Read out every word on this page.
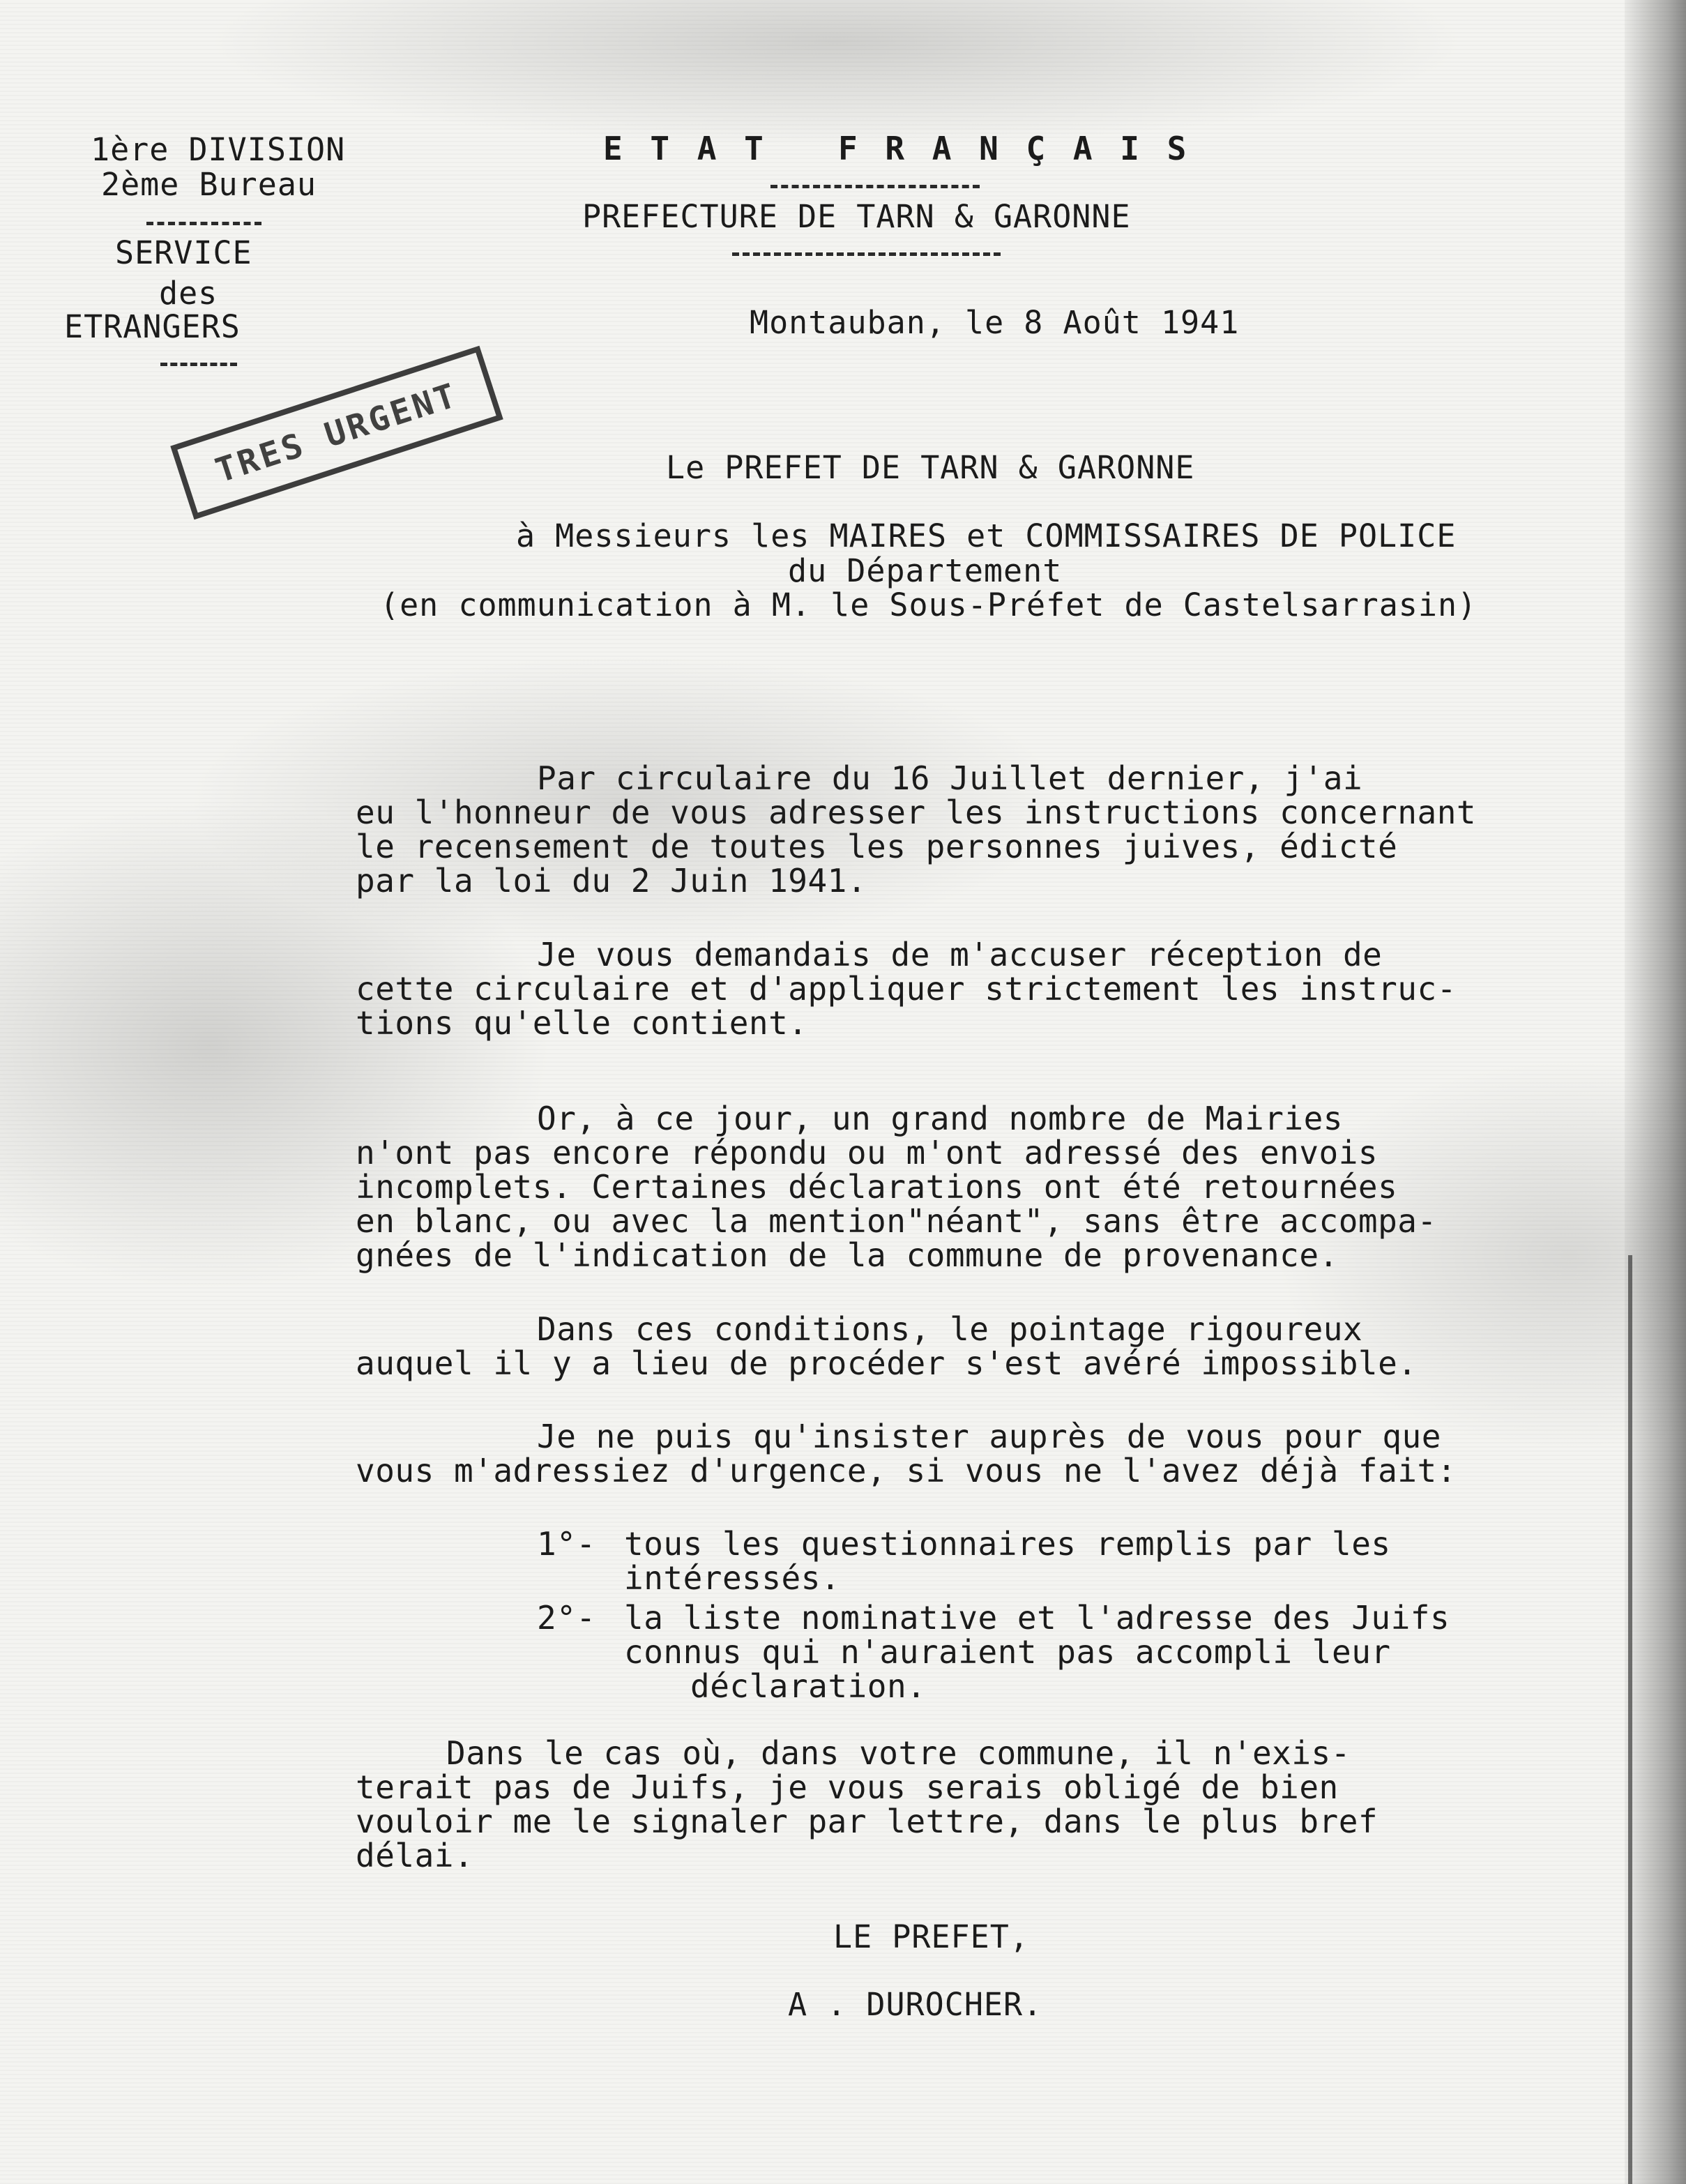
1ère DIVISION
2ème Bureau
SERVICE
des
ETRANGERS
TRES URGENT
E T A T   F R A N Ç A I S
PREFECTURE DE TARN & GARONNE
Montauban, le 8 Août 1941
Le PREFET DE TARN & GARONNE
à Messieurs les MAIRES et COMMISSAIRES DE POLICE
du Département
(en communication à M. le Sous-Préfet de Castelsarrasin)
Par circulaire du 16 Juillet dernier, j'ai
eu l'honneur de vous adresser les instructions concernant
le recensement de toutes les personnes juives, édicté
par la loi du 2 Juin 1941.
Je vous demandais de m'accuser réception de
cette circulaire et d'appliquer strictement les instruc-
tions qu'elle contient.
Or, à ce jour, un grand nombre de Mairies
n'ont pas encore répondu ou m'ont adressé des envois
incomplets. Certaines déclarations ont été retournées
en blanc, ou avec la mention"néant", sans être accompa-
gnées de l'indication de la commune de provenance.
Dans ces conditions, le pointage rigoureux
auquel il y a lieu de procéder s'est avéré impossible.
Je ne puis qu'insister auprès de vous pour que
vous m'adressiez d'urgence, si vous ne l'avez déjà fait:
1°- tous les questionnaires remplis par les
intéressés.
2°- la liste nominative et l'adresse des Juifs
connus qui n'auraient pas accompli leur
déclaration.
Dans le cas où, dans votre commune, il n'exis-
terait pas de Juifs, je vous serais obligé de bien
vouloir me le signaler par lettre, dans le plus bref
délai.
LE PREFET,
A . DUROCHER.
